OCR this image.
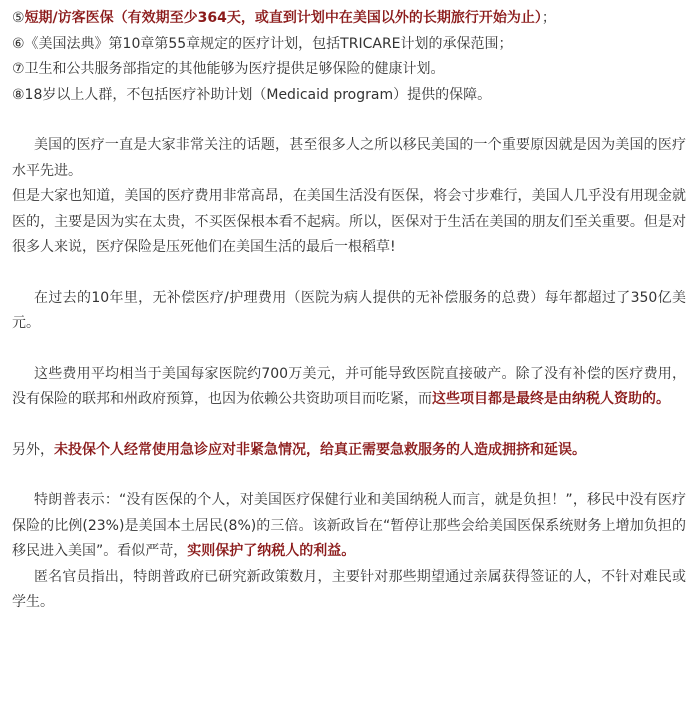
⑤短期/访客医保（有效期至少364天，或直到计划中在美国以外的长期旅行开始为止）；
⑥《美国法典》第10章第55章规定的医疗计划，包括TRICARE计划的承保范围；
⑦卫生和公共服务部指定的其他能够为医疗提供足够保险的健康计划。
⑧18岁以上人群，不包括医疗补助计划（Medicaid program）提供的保障。
美国的医疗一直是大家非常关注的话题，甚至很多人之所以移民美国的一个重要原因就是因为美国的医疗水平先进。
但是大家也知道，美国的医疗费用非常高昂，在美国生活没有医保，将会寸步难行，美国人几乎没有用现金就医的，主要是因为实在太贵，不买医保根本看不起病。所以，医保对于生活在美国的朋友们至关重要。但是对很多人来说，医疗保险是压死他们在美国生活的最后一根稻草!
在过去的10年里，无补偿医疗/护理费用（医院为病人提供的无补偿服务的总费）每年都超过了350亿美元。
这些费用平均相当于美国每家医院约700万美元，并可能导致医院直接破产。除了没有补偿的医疗费用，没有保险的联邦和州政府预算，也因为依赖公共资助项目而吃紧，而这些项目都是最终是由纳税人资助的。
另外，未投保个人经常使用急诊应对非紧急情况，给真正需要急救服务的人造成拥挤和延误。
特朗普表示：“没有医保的个人，对美国医疗保健行业和美国纳税人而言，就是负担！”，移民中没有医疗保险的比例(23%)是美国本土居民(8%)的三倍。该新政旨在“暂停让那些会给美国医保系统财务上增加负担的移民进入美国”。看似严苛，实则保护了纳税人的利益。
匿名官员指出，特朗普政府已研究新政策数月，主要针对那些期望通过亲属获得签证的人，不针对难民或学生。
